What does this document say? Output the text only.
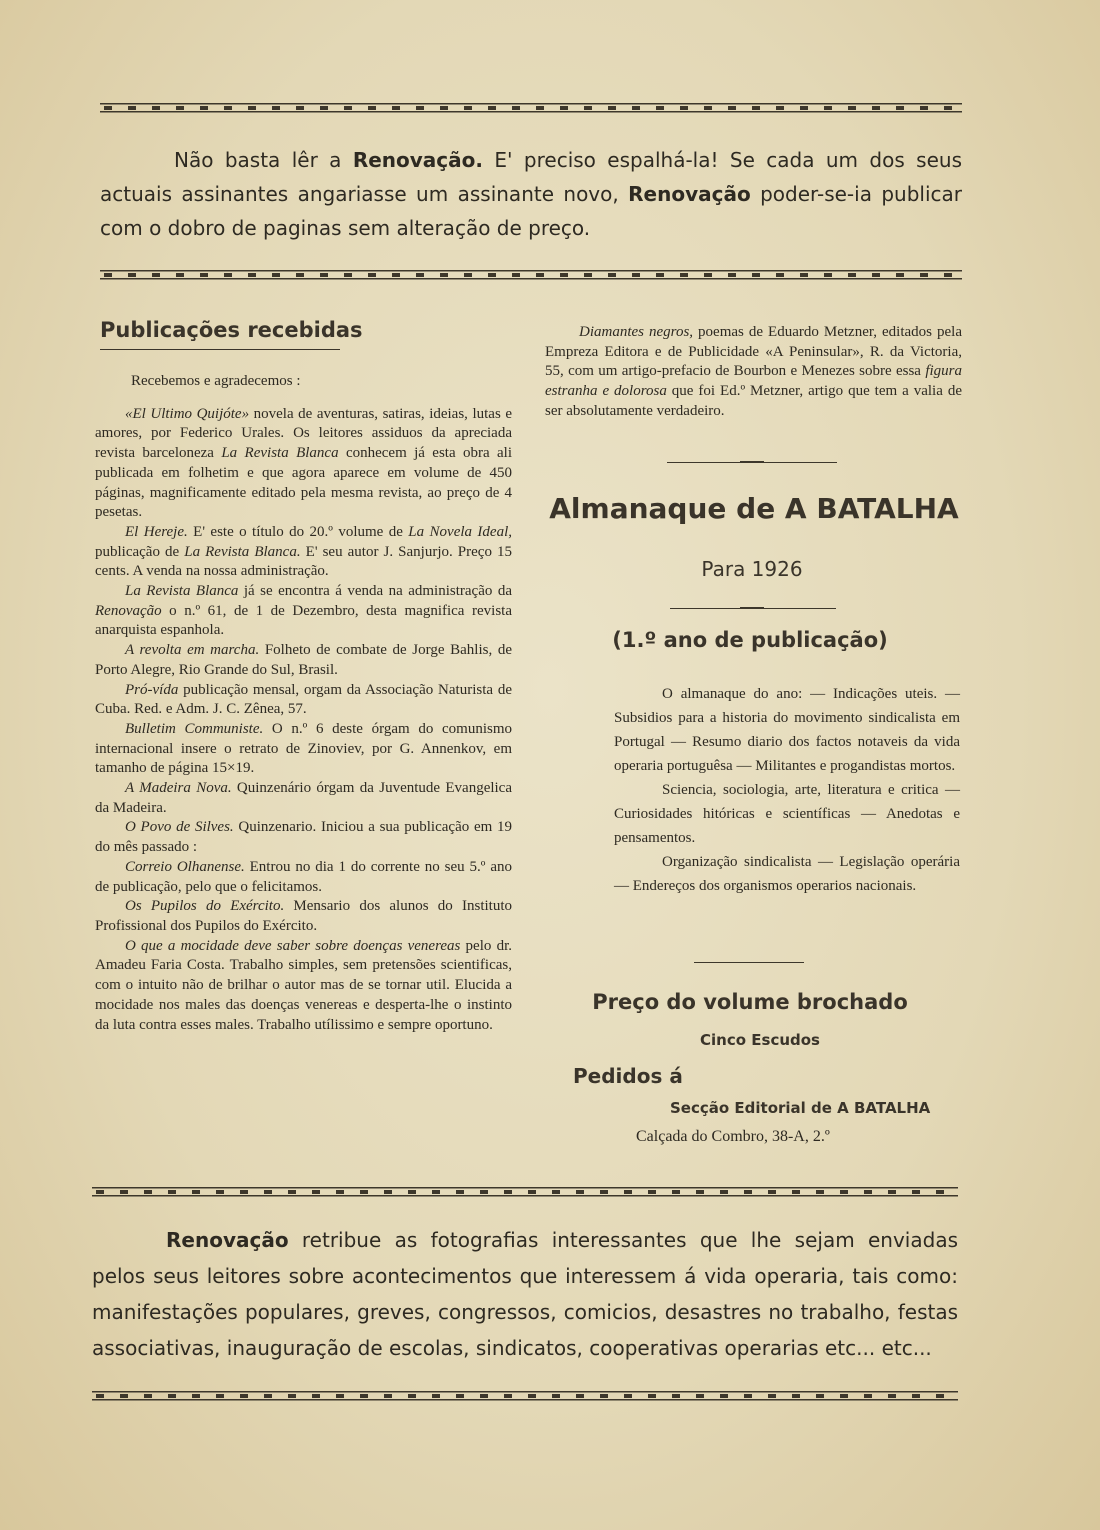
Não basta lêr a Renovação. E' preciso espalhá-la! Se cada um dos seus actuais assinantes angariasse um assinante novo, Renovação poder-se-ia publicar com o dobro de paginas sem alteração de preço.
Publicações recebidas

Recebemos e agradecemos :

«El Ultimo Quijóte» novela de aventuras, satiras, ideias, lutas e amores, por Federico Urales. Os leitores assiduos da apreciada revista barceloneza La Revista Blanca conhecem já esta obra ali publicada em folhetim e que agora aparece em volume de 450 páginas, magnificamente editado pela mesma revista, ao preço de 4 pesetas.

El Hereje. E' este o título do 20.º volume de La Novela Ideal, publicação de La Revista Blanca. E' seu autor J. Sanjurjo. Preço 15 cents. A venda na nossa administração.

La Revista Blanca já se encontra á venda na administração da Renovação o n.º 61, de 1 de Dezembro, desta magnifica revista anarquista espanhola.

A revolta em marcha. Folheto de combate de Jorge Bahlis, de Porto Alegre, Rio Grande do Sul, Brasil.

Pró-vída publicação mensal, orgam da Associação Naturista de Cuba. Red. e Adm. J. C. Zênea, 57.

Bulletim Communiste. O n.º 6 deste órgam do comunismo internacional insere o retrato de Zinoviev, por G. Annenkov, em tamanho de página 15×19.

A Madeira Nova. Quinzenário órgam da Juventude Evangelica da Madeira.

O Povo de Silves. Quinzenario. Iniciou a sua publicação em 19 do mês passado :

Correio Olhanense. Entrou no dia 1 do corrente no seu 5.º ano de publicação, pelo que o felicitamos.

Os Pupilos do Exército. Mensario dos alunos do Instituto Profissional dos Pupilos do Exército.

O que a mocidade deve saber sobre doenças venereas pelo dr. Amadeu Faria Costa. Trabalho simples, sem pretensões scientificas, com o intuito não de brilhar o autor mas de se tornar util. Elucida a mocidade nos males das doenças venereas e desperta-lhe o instinto da luta contra esses males. Trabalho utílissimo e sempre oportuno.

Diamantes negros, poemas de Eduardo Metzner, editados pela Empreza Editora e de Publicidade «A Peninsular», R. da Victoria, 55, com um artigo-prefacio de Bourbon e Menezes sobre essa figura estranha e dolorosa que foi Ed.º Metzner, artigo que tem a valia de ser absolutamente verdadeiro.

Almanaque de A BATALHA
Para 1926
(1.º ano de publicação)

O almanaque do ano: — Indicações uteis. — Subsidios para a historia do movimento sindicalista em Portugal — Resumo diario dos factos notaveis da vida operaria portuguêsa — Militantes e progandistas mortos.

Sciencia, sociologia, arte, literatura e critica — Curiosidades hitóricas e scientíficas — Anedotas e pensamentos.

Organização sindicalista — Legislação operária — Endereços dos organismos operarios nacionais.

Preço do volume brochado
Cinco Escudos
Pedidos á
Secção Editorial de A BATALHA
Calçada do Combro, 38-A, 2.º
Renovação retribue as fotografias interessantes que lhe sejam enviadas pelos seus leitores sobre acontecimentos que interessem á vida operaria, tais como: manifestações populares, greves, congressos, comicios, desastres no trabalho, festas associativas, inauguração de escolas, sindicatos, cooperativas operarias etc... etc...
